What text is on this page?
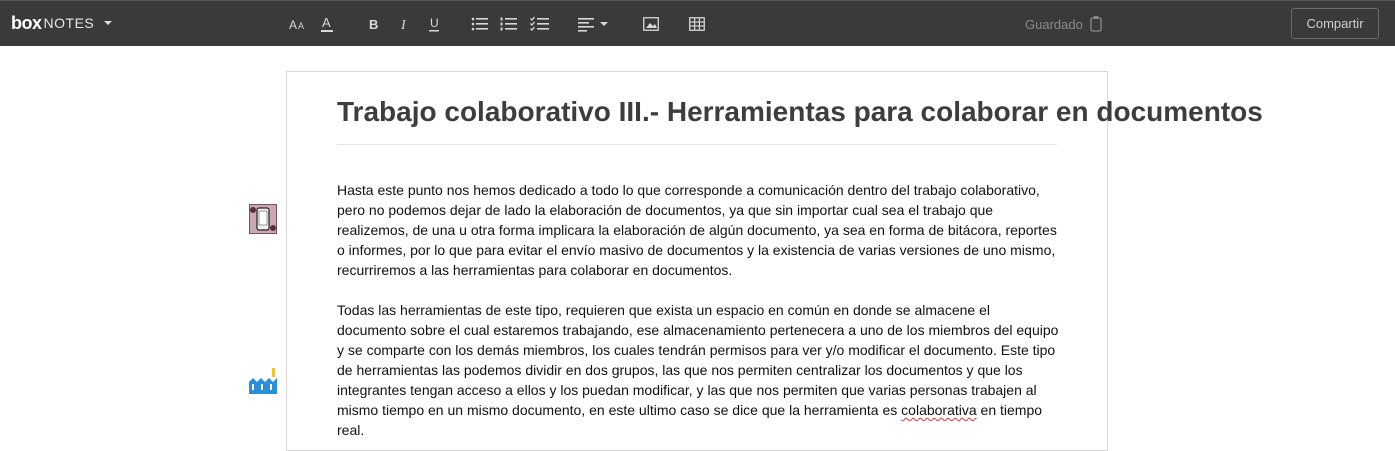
box NOTES	A A A	B I U	Guardado	Compartir
Trabajo colaborativo III.- Herramientas para colaborar en documentos
Hasta este punto nos hemos dedicado a todo lo que corresponde a comunicación dentro del trabajo colaborativo, pero no podemos dejar de lado la elaboración de documentos, ya que sin importar cual sea el trabajo que realizemos, de una u otra forma implicara la elaboración de algún documento, ya sea en forma de bitácora, reportes o informes, por lo que para evitar el envío masivo de documentos y la existencia de varias versiones de uno mismo, recurriremos a las herramientas para colaborar en documentos.
Todas las herramientas de este tipo, requieren que exista un espacio en común en donde se almacene el documento sobre el cual estaremos trabajando, ese almacenamiento pertenecera a uno de los miembros del equipo y se comparte con los demás miembros, los cuales tendrán permisos para ver y/o modificar el documento. Este tipo de herramientas las podemos dividir en dos grupos, las que nos permiten centralizar los documentos y que los integrantes tengan acceso a ellos y los puedan modificar, y las que nos permiten que varias personas trabajen al mismo tiempo en un mismo documento, en este ultimo caso se dice que la herramienta es colaborativa en tiempo real.
